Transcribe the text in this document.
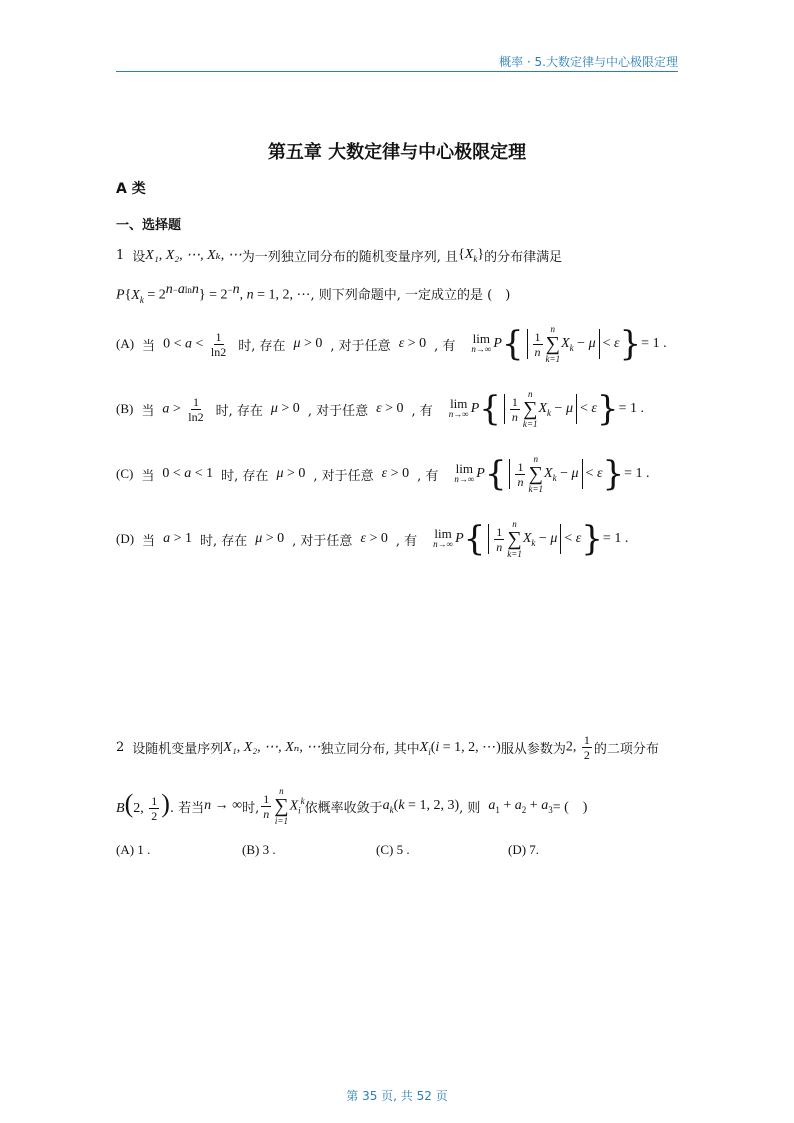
概率 · 5.大数定律与中心极限定理
第五章 大数定律与中心极限定理
A 类
一、选择题
1 设 X₁, X₂, ⋯, Xₖ, ⋯ 为一列独立同分布的随机变量序列, 且 $\{X_k\}$ 的分布律满足
$P\{X_k = 2^{n-alnn}\} = 2^{-n}$, n = 1, 2, ⋯ , 则下列命题中, 一定成立的是 (　)
(A) 当 $0 < a < \frac{1}{\ln 2}$ 时, 存在 μ > 0 , 对于任意 ε > 0 , 有 lim
n→∞ P { $\frac{1}{n}$
n
∑
k=1
$X_k - \mu < \varepsilon$ } = 1 .
(B) 当 $a > \frac{1}{\ln 2}$ 时, 存在 μ > 0 , 对于任意 ε > 0 , 有 lim
n→∞ P { $\frac{1}{n}$
n
∑
k=1
$X_k - \mu < \varepsilon$ } = 1 .
(C) 当 0 < a < 1 时, 存在 μ > 0 , 对于任意 ε > 0 , 有 lim
n→∞ P { $\frac{1}{n}$
n
∑
k=1
$X_k - \mu < \varepsilon$ } = 1 .
(D) 当 a > 1 时, 存在 μ > 0 , 对于任意 ε > 0 , 有 lim
n→∞ P { $\frac{1}{n}$
n
∑
k=1
$X_k - \mu < \varepsilon$ } = 1 .
2 设随机变量序列 X₁, X₂, ⋯, Xₙ, ⋯ 独立同分布, 其中 $X_i(i = 1$, 2, ⋯) 服从参数为 2, $\frac{1}{2}$ 的二项分布
B(2, $\frac{1}{2}$ ) . 若当 n → ∞ 时, $\frac{1}{n}$
n
∑
i=1
$X_i^k$ 依概率收敛于 $a_k(k = 1$, 2, 3) , 则 $a_1 + a_2 + a_3$ = (　)
(A) 1 .	(B) 3 .	(C) 5 .	(D) 7.
第 35 页, 共 52 页
